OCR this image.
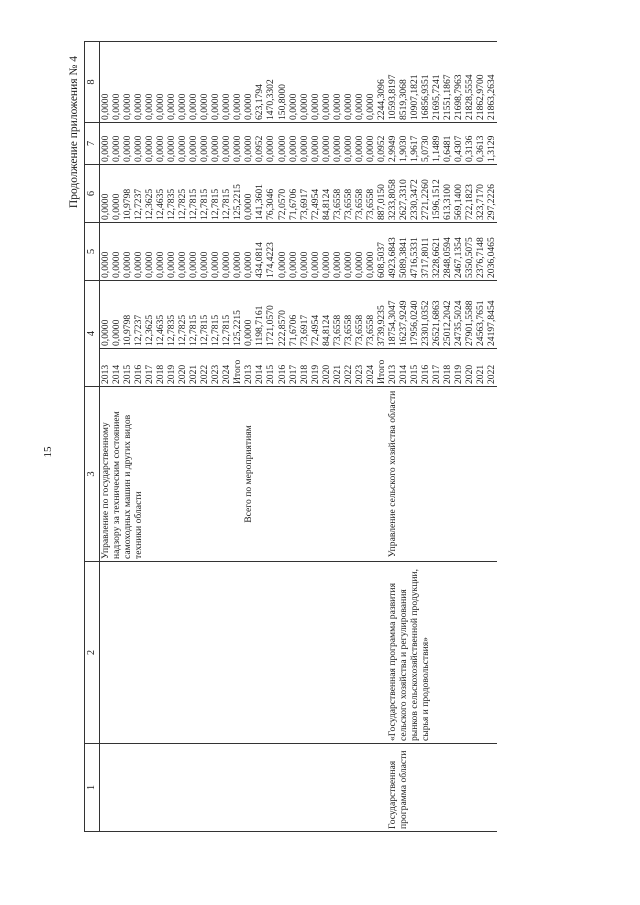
15
Продолжение приложения № 4
1	2	3	4		5	6	7	8
		Управление по государственному надзору за техническим состоянием самоходных машин и других видов техники области	2013	0,0000	0,0000	0,0000	0,0000	0,0000
			2014	0,0000	0,0000	0,0000	0,0000	0,0000
			2015	10,9798	0,0000	10,9798	0,0000	0,0000
			2016	12,7237	0,0000	12,7237	0,0000	0,0000
			2017	12,3625	0,0000	12,3625	0,0000	0,0000
			2018	12,4635	0,0000	12,4635	0,0000	0,0000
			2019	12,7835	0,0000	12,7835	0,0000	0,0000
			2020	12,7825	0,0000	12,7825	0,0000	0,0000
			2021	12,7815	0,0000	12,7815	0,0000	0,0000
			2022	12,7815	0,0000	12,7815	0,0000	0,0000
			2023	12,7815	0,0000	12,7815	0,0000	0,0000
			2024	12,7815	0,0000	12,7815	0,0000	0,0000
			Итого	125,2215	0,0000	125,2215	0,0000	0,0000
		Всего по мероприятиям	2013	0,0000	0,0000	0,0000	0,0000	0,0000
			2014	1198,7161	434,0814	141,3601	0,0952	623,1794
			2015	1721,0570	174,4223	76,3046	0,0000	1470,3302
			2016	222,8570	0,0000	72,0570	0,0000	150,8000
			2017	71,6706	0,0000	71,6706	0,0000	0,0000
			2018	73,6917	0,0000	73,6917	0,0000	0,0000
			2019	72,4954	0,0000	72,4954	0,0000	0,0000
			2020	84,8124	0,0000	84,8124	0,0000	0,0000
			2021	73,6558	0,0000	73,6558	0,0000	0,0000
			2022	73,6558	0,0000	73,6558	0,0000	0,0000
			2023	73,6558	0,0000	73,6558	0,0000	0,0000
			2024	73,6558	0,0000	73,6558	0,0000	0,0000
			Итого	3739,9235	608,5037	887,0150	0,0952	2244,3096
Государственная программа области	«Государственная программа развития сельского хозяйства и регулирования рынков сельскохозяйственной продукции, сырья и продовольствия»	Управление сельского хозяйства области	2013	18754,3047	4923,6843	3233,8058	2,9949	10593,8197
			2014	16237,9249	5089,3841	2627,3310	1,9030	8519,3068
			2015	17956,0240	4716,5331	2330,3472	1,9617	10907,1821
			2016	23301,0352	3717,8011	2721,2260	5,0730	16856,9351
			2017	26521,6863	3228,6621	1596,1512	1,1489	21695,7241
			2018	25012,2042	2848,0594	613,3100	0,6481	21551,1867
			2019	24735,5024	2467,1354	569,1400	0,4307	21698,7963
			2020	27901,5588	5350,5075	722,1823	0,3136	21828,5554
			2021	24563,7651	2376,7148	323,7170	0,3613	21862,9700
			2022	24197,8454	2036,0465	297,2226	1,3129	21863,2634
